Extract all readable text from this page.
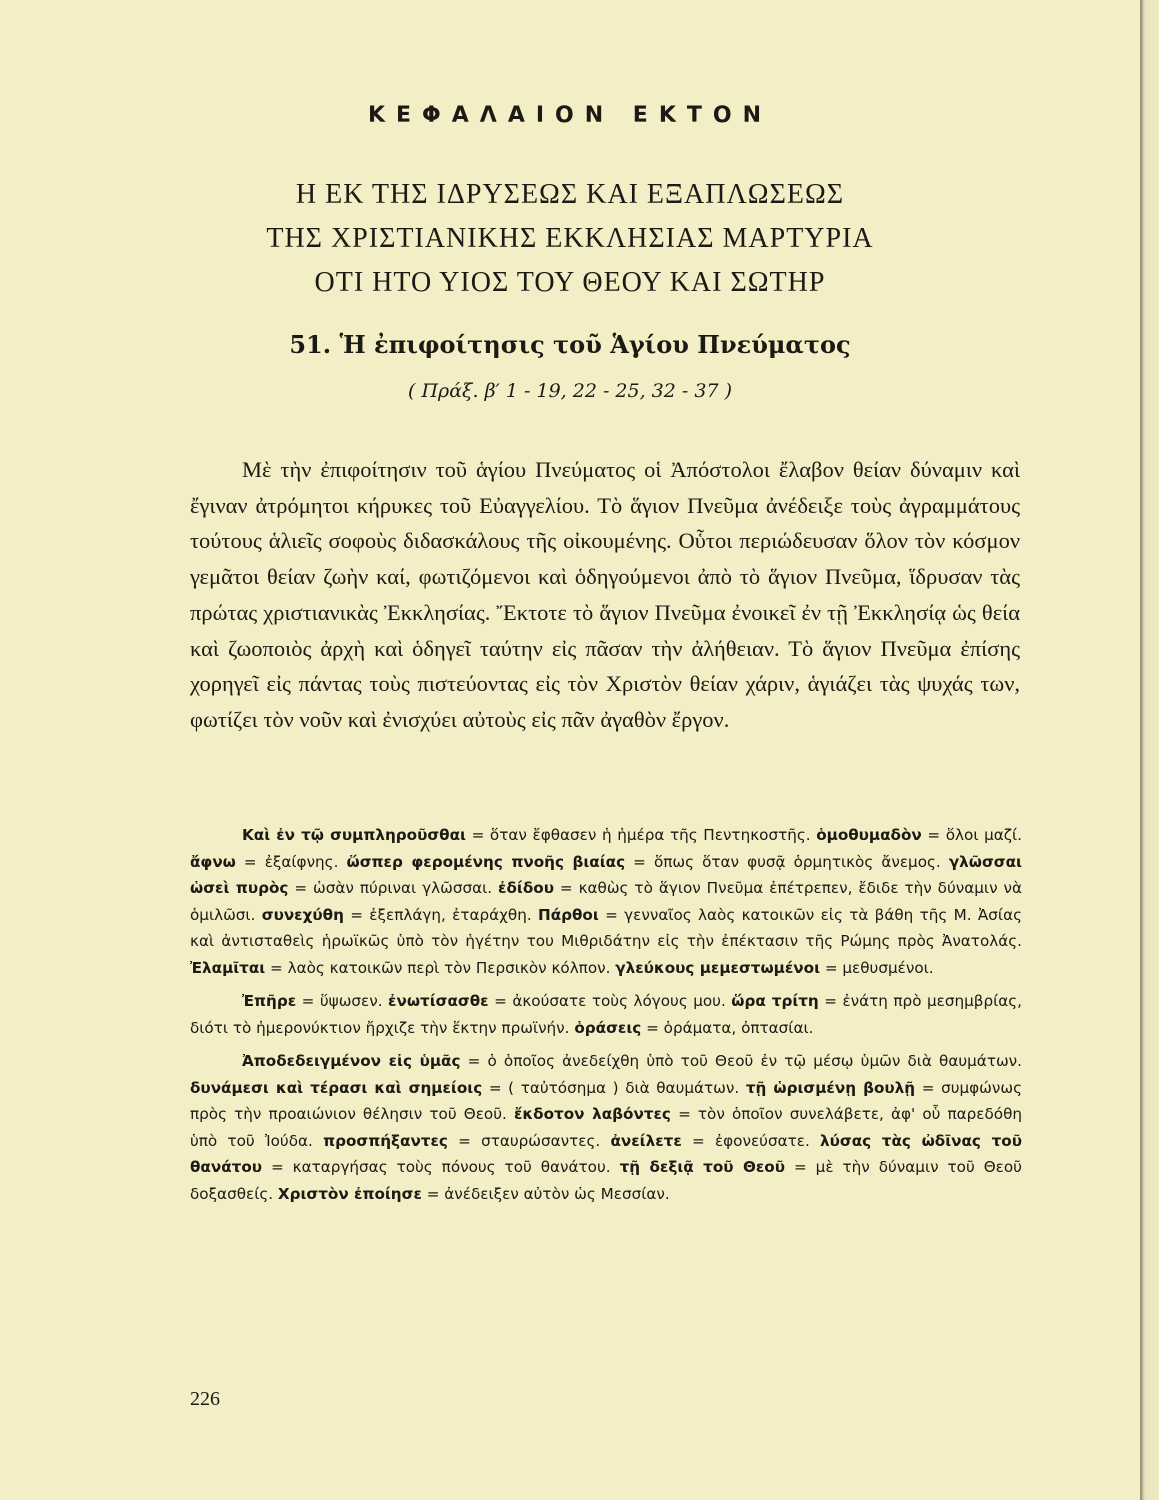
ΚΕΦΑΛΑΙΟΝ ΕΚΤΟΝ
Η ΕΚ ΤΗΣ ΙΔΡΥΣΕΩΣ ΚΑΙ ΕΞΑΠΛΩΣΕΩΣ
ΤΗΣ ΧΡΙΣΤΙΑΝΙΚΗΣ ΕΚΚΛΗΣΙΑΣ ΜΑΡΤΥΡΙΑ
ΟΤΙ ΗΤΟ ΥΙΟΣ ΤΟΥ ΘΕΟΥ ΚΑΙ ΣΩΤΗΡ
51. Ἡ ἐπιφοίτησις τοῦ Ἁγίου Πνεύματος
( Πράξ. β′ 1 - 19, 22 - 25, 32 - 37 )

Μὲ τὴν ἐπιφοίτησιν τοῦ ἁγίου Πνεύματος οἱ Ἀπόστολοι ἔλαβον θείαν δύναμιν καὶ ἔγιναν ἀτρόμητοι κήρυκες τοῦ Εὐαγγελίου. Τὸ ἅγιον Πνεῦμα ἀνέδειξε τοὺς ἀγραμμάτους τούτους ἁλιεῖς σοφοὺς διδασκάλους τῆς οἰκουμένης. Οὗτοι περιώδευσαν ὅλον τὸν κόσμον γεμᾶτοι θείαν ζωὴν καί, φωτιζόμενοι καὶ ὁδηγούμενοι ἀπὸ τὸ ἅγιον Πνεῦμα, ἵδρυσαν τὰς πρώτας χριστιανικὰς Ἐκκλησίας. Ἔκτοτε τὸ ἅγιον Πνεῦμα ἐνοικεῖ ἐν τῇ Ἐκκλησίᾳ ὡς θεία καὶ ζωοποιὸς ἀρχὴ καὶ ὁδηγεῖ ταύτην εἰς πᾶσαν τὴν ἀλήθειαν. Τὸ ἅγιον Πνεῦμα ἐπίσης χορηγεῖ εἰς πάντας τοὺς πιστεύοντας εἰς τὸν Χριστὸν θείαν χάριν, ἁγιάζει τὰς ψυχάς των, φωτίζει τὸν νοῦν καὶ ἐνισχύει αὐτοὺς εἰς πᾶν ἀγαθὸν ἔργον.

Καὶ ἐν τῷ συμπληροῦσθαι = ὅταν ἔφθασεν ἡ ἡμέρα τῆς Πεντηκοστῆς. ὁμοθυμαδὸν = ὅλοι μαζί. ἄφνω = ἐξαίφνης. ὥσπερ φερομένης πνοῆς βιαίας = ὅπως ὅταν φυσᾷ ὁρμητικὸς ἄνεμος. γλῶσσαι ὡσεὶ πυρὸς = ὡσὰν πύριναι γλῶσσαι. ἐδίδου = καθὼς τὸ ἅγιον Πνεῦμα ἐπέτρεπεν, ἔδιδε τὴν δύναμιν νὰ ὁμιλῶσι. συνεχύθη = ἐξεπλάγη, ἐταράχθη. Πάρθοι = γενναῖος λαὸς κατοικῶν εἰς τὰ βάθη τῆς Μ. Ἀσίας καὶ ἀντισταθεὶς ἡρωϊκῶς ὑπὸ τὸν ἡγέτην του Μιθριδάτην εἰς τὴν ἐπέκτασιν τῆς Ρώμης πρὸς Ἀνατολάς. Ἐλαμῖται = λαὸς κατοικῶν περὶ τὸν Περσικὸν κόλπον. γλεύκους μεμεστωμένοι = μεθυσμένοι.

Ἐπῆρε = ὕψωσεν. ἐνωτίσασθε = ἀκούσατε τοὺς λόγους μου. ὥρα τρίτη = ἐνάτη πρὸ μεσημβρίας, διότι τὸ ἡμερονύκτιον ἤρχιζε τὴν ἕκτην πρωϊνήν. ὁράσεις = ὁράματα, ὀπτασίαι.

Ἀποδεδειγμένον εἰς ὑμᾶς = ὁ ὁποῖος ἀνεδείχθη ὑπὸ τοῦ Θεοῦ ἐν τῷ μέσῳ ὑμῶν διὰ θαυμάτων. δυνάμεσι καὶ τέρασι καὶ σημείοις = ( ταὐτόσημα ) διὰ θαυμάτων. τῇ ὡρισμένῃ βουλῇ = συμφώνως πρὸς τὴν προαιώνιον θέλησιν τοῦ Θεοῦ. ἔκδοτον λαβόντες = τὸν ὁποῖον συνελάβετε, ἀφ' οὗ παρεδόθη ὑπὸ τοῦ Ἰούδα. προσπήξαντες = σταυρώσαντες. ἀνείλετε = ἐφονεύσατε. λύσας τὰς ὠδῖνας τοῦ θανάτου = καταργήσας τοὺς πόνους τοῦ θανάτου. τῇ δεξιᾷ τοῦ Θεοῦ = μὲ τὴν δύναμιν τοῦ Θεοῦ δοξασθείς. Χριστὸν ἐποίησε = ἀνέδειξεν αὐτὸν ὡς Μεσσίαν.

226
